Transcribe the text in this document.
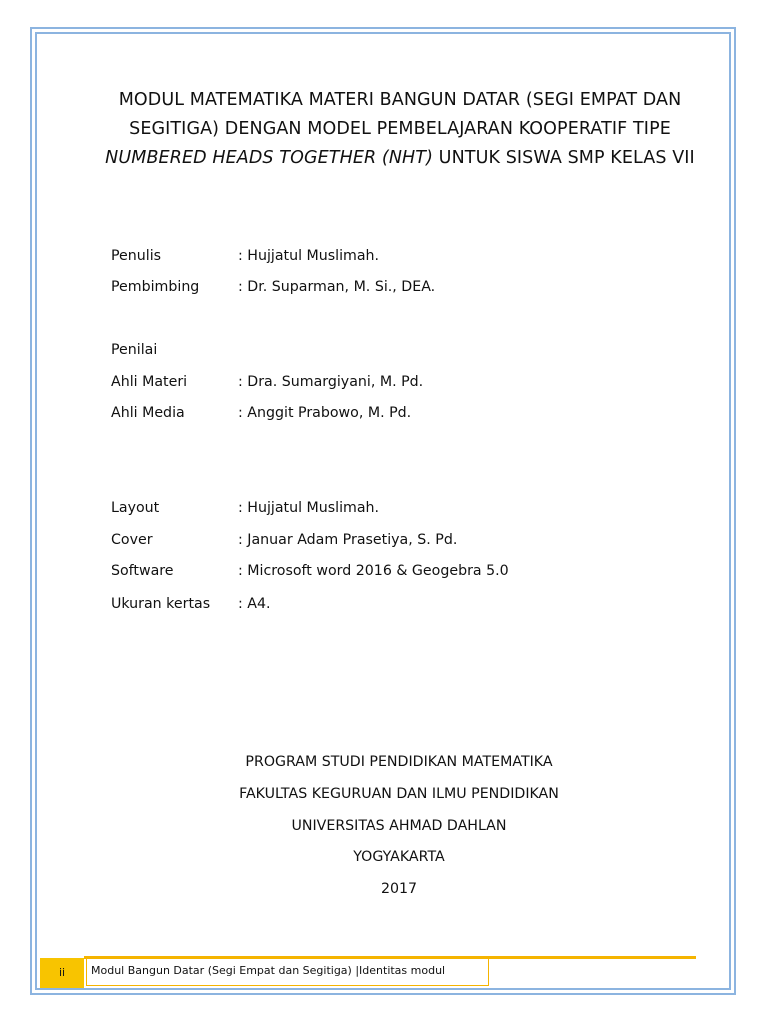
MODUL MATEMATIKA MATERI BANGUN DATAR (SEGI EMPAT DAN
SEGITIGA) DENGAN MODEL PEMBELAJARAN KOOPERATIF TIPE
NUMBERED HEADS TOGETHER (NHT) UNTUK SISWA SMP KELAS VII
Penulis	: Hujjatul Muslimah.
Pembimbing	: Dr. Suparman, M. Si., DEA.
Penilai
Ahli Materi	: Dra. Sumargiyani, M. Pd.
Ahli Media	: Anggit Prabowo, M. Pd.
Layout	: Hujjatul Muslimah.
Cover	: Januar Adam Prasetiya, S. Pd.
Software	: Microsoft word 2016 & Geogebra 5.0
Ukuran kertas : A4.
PROGRAM STUDI PENDIDIKAN MATEMATIKA
FAKULTAS KEGURUAN DAN ILMU PENDIDIKAN
UNIVERSITAS AHMAD DAHLAN
YOGYAKARTA
2017
ii	Modul Bangun Datar (Segi Empat dan Segitiga) |Identitas modul
